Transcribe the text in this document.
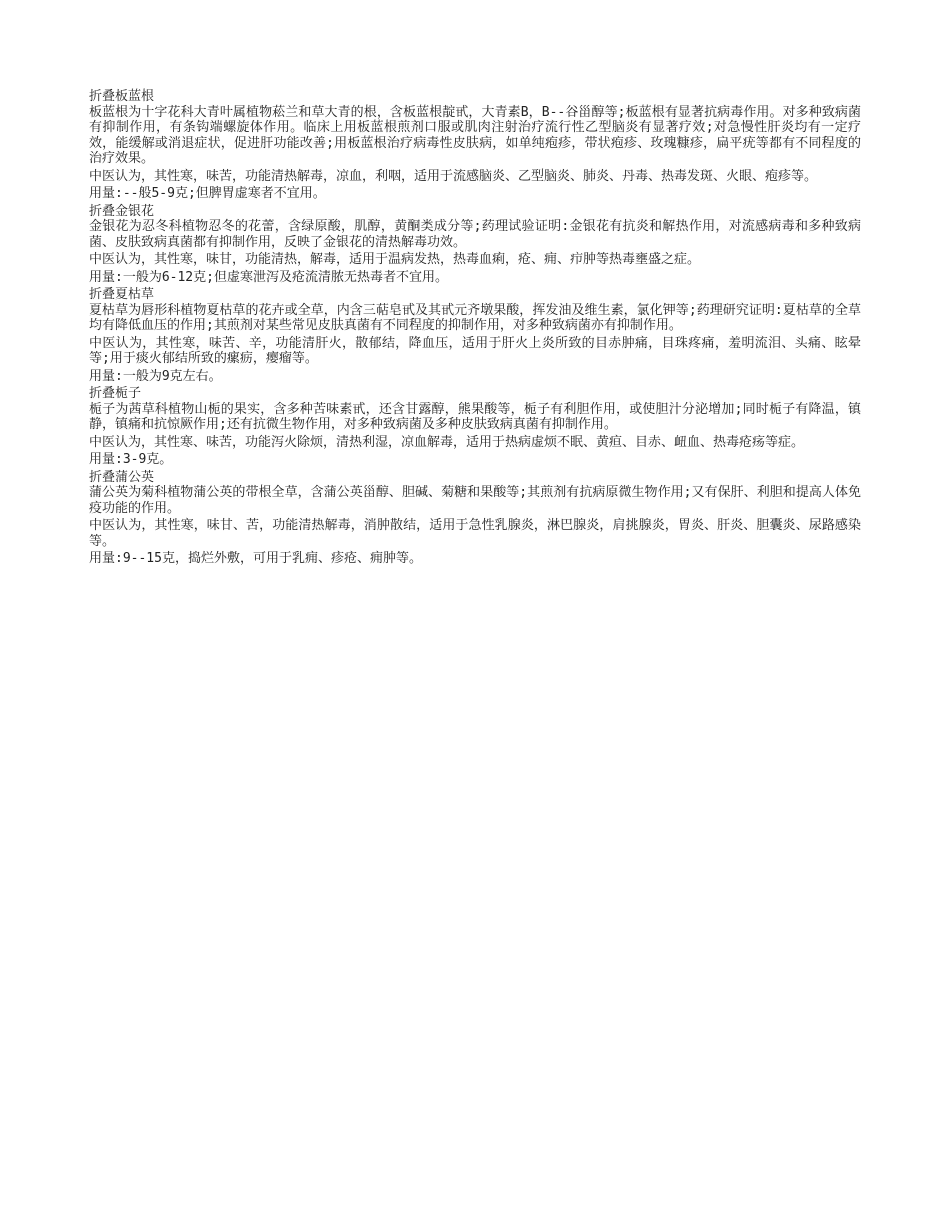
折叠板蓝根

板蓝根为十字花科大青叶属植物菘兰和草大青的根，含板蓝根靛甙，大青素B，B--谷甾醇等;板蓝根有显著抗病毒作用。对多种致病菌有抑制作用，有条钩端螺旋体作用。临床上用板蓝根煎剂口服或肌肉注射治疗流行性乙型脑炎有显著疗效;对急慢性肝炎均有一定疗效，能缓解或消退症状，促进肝功能改善;用板蓝根治疗病毒性皮肤病，如单纯疱疹，带状疱疹、玫瑰糠疹，扁平疣等都有不同程度的治疗效果。

中医认为，其性寒，味苦，功能清热解毒，凉血，利咽，适用于流感脑炎、乙型脑炎、肺炎、丹毒、热毒发斑、火眼、疱疹等。

用量:--般5-9克;但脾胃虚寒者不宜用。

折叠金银花

金银花为忍冬科植物忍冬的花蕾，含绿原酸，肌醇，黄酮类成分等;药理试验证明:金银花有抗炎和解热作用，对流感病毒和多种致病菌、皮肤致病真菌都有抑制作用，反映了金银花的清热解毒功效。

中医认为，其性寒，味甘，功能清热，解毒，适用于温病发热，热毒血痢，疮、痈、疖肿等热毒壅盛之症。

用量:一般为6-12克;但虚寒泄泻及疮流清脓无热毒者不宜用。

折叠夏枯草

夏枯草为唇形科植物夏枯草的花卉或全草，内含三萜皂甙及其甙元齐墩果酸，挥发油及维生素，氯化钾等;药理研究证明:夏枯草的全草均有降低血压的作用;其煎剂对某些常见皮肤真菌有不同程度的抑制作用，对多种致病菌亦有抑制作用。

中医认为，其性寒，味苦、辛，功能清肝火，散郁结，降血压，适用于肝火上炎所致的目赤肿痛，目珠疼痛，羞明流泪、头痛、眩晕等;用于痰火郁结所致的瘰疬，瘿瘤等。

用量:一般为9克左右。

折叠栀子

栀子为茜草科植物山栀的果实，含多种苦味素甙，还含甘露醇，熊果酸等，栀子有利胆作用，或使胆汁分泌增加;同时栀子有降温，镇静，镇痛和抗惊厥作用;还有抗微生物作用，对多种致病菌及多种皮肤致病真菌有抑制作用。

中医认为，其性寒、味苦，功能泻火除烦，清热利湿，凉血解毒，适用于热病虚烦不眠、黄疸、目赤、衄血、热毒疮疡等症。

用量:3-9克。

折叠蒲公英

蒲公英为菊科植物蒲公英的带根全草，含蒲公英甾醇、胆碱、菊糖和果酸等;其煎剂有抗病原微生物作用;又有保肝、利胆和提高人体免疫功能的作用。

中医认为，其性寒，味甘、苦，功能清热解毒，消肿散结，适用于急性乳腺炎，淋巴腺炎，肩挑腺炎，胃炎、肝炎、胆囊炎、尿路感染等。

用量:9--15克，捣烂外敷，可用于乳痈、疹疮、痈肿等。
